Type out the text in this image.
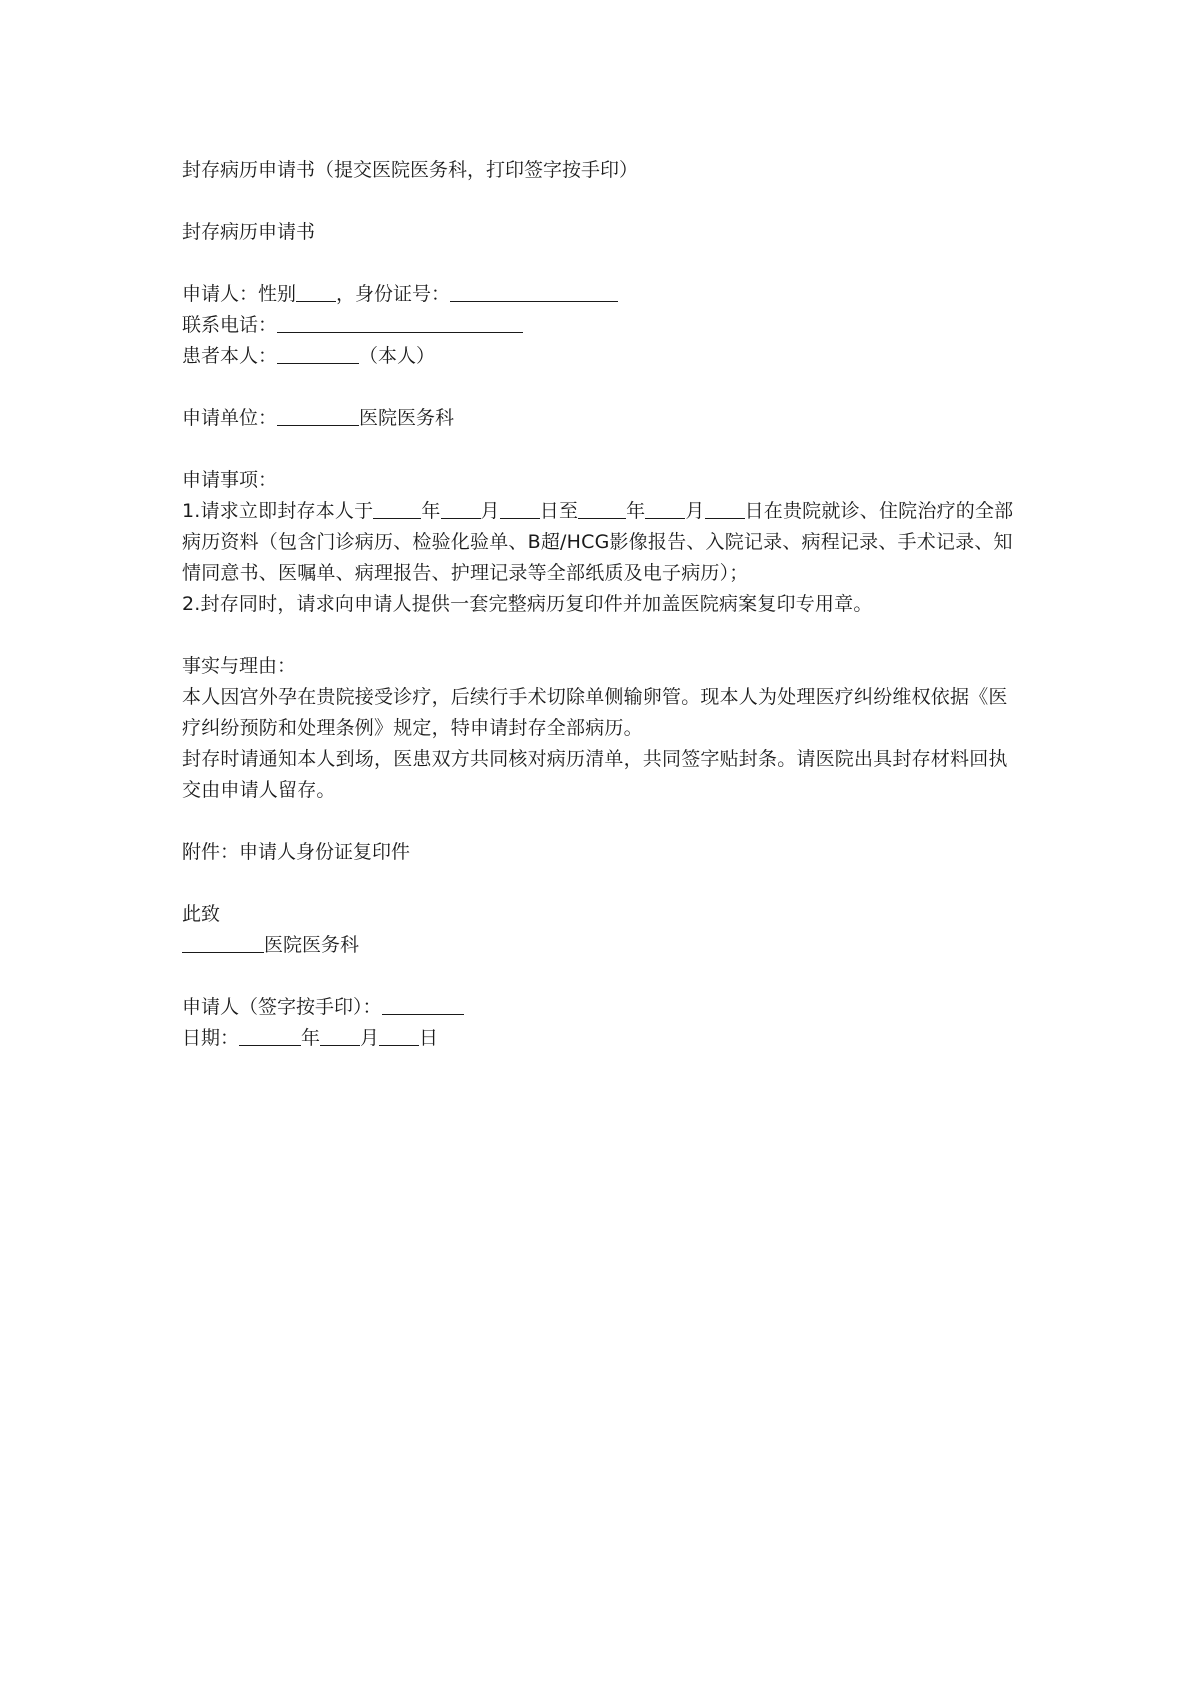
封存病历申请书（提交医院医务科，打印签字按手印）

封存病历申请书

申请人：性别 ，身份证号：

联系电话：

患者本人：	（本人）

申请单位：	医院医务科

申请事项：

1.请求立即封存本人于	年 月 日至	年 月 日在贵院就诊、住院治疗的全部病历资料（包含门诊病历、检验化验单、B超/HCG影像报告、入院记录、病程记录、手术记录、知情同意书、医嘱单、病理报告、护理记录等全部纸质及电子病历）；

2.封存同时，请求向申请人提供一套完整病历复印件并加盖医院病案复印专用章。

事实与理由：

本人因宫外孕在贵院接受诊疗，后续行手术切除单侧输卵管。现本人为处理医疗纠纷维权依据《医疗纠纷预防和处理条例》规定，特申请封存全部病历。

封存时请通知本人到场，医患双方共同核对病历清单，共同签字贴封条。请医院出具封存材料回执交由申请人留存。

附件：申请人身份证复印件

此致

医院医务科

申请人（签字按手印）：

日期：	年 月 日
